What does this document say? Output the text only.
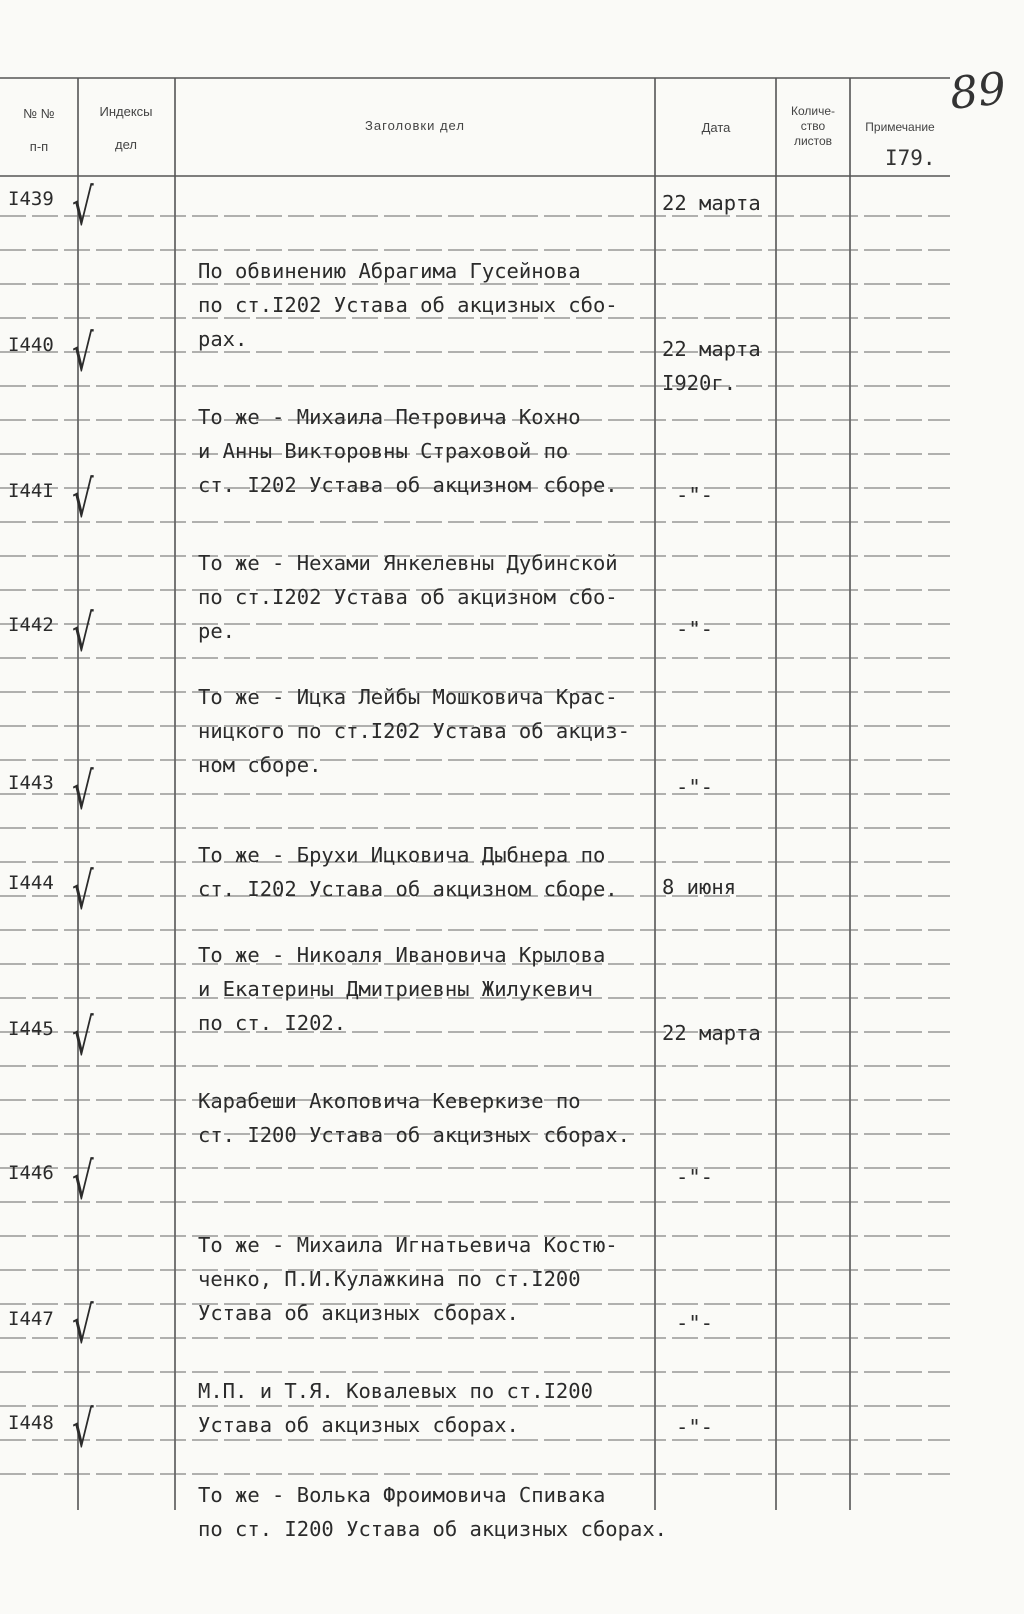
№ №
п-п
Индексы
дел
Заголовки дел	Дата
Количе-
ство
листов
Примечание
89
I79.
I439 √

По обвинению Абрагима Гусейнова
по ст.I202 Устава об акцизных сбо-
рах.

22 марта
I440 √

То же - Михаила Петровича Кохно
и Анны Викторовны Страховой по
ст. I202 Устава об акцизном сборе.

22 марта
I920г.
I44I √

То же - Нехами Янкелевны Дубинской
по ст.I202 Устава об акцизном сбо-
ре.

-"-
I442 √

То же - Ицка Лейбы Мошковича Крас-
ницкого по ст.I202 Устава об акциз-
ном сборе.

-"-
I443 √

То же - Брухи Ицковича Дыбнера по
ст. I202 Устава об акцизном сборе.

-"-
I444 √

То же - Никоаля Ивановича Крылова
и Екатерины Дмитриевны Жилукевич
по ст. I202.

8 июня
I445 √

Карабеши Акоповича Кеверкизе по
ст. I200 Устава об акцизных сборах.

22 марта
I446 √

То же - Михаила Игнатьевича Костю-
ченко, П.И.Кулажкина по ст.I200
Устава об акцизных сборах.

-"-
I447 √

М.П. и Т.Я. Ковалевых по ст.I200
Устава об акцизных сборах.

-"-
I448 √

То же - Волька Фроимовича Спивака
по ст. I200 Устава об акцизных сборах.

-"-
